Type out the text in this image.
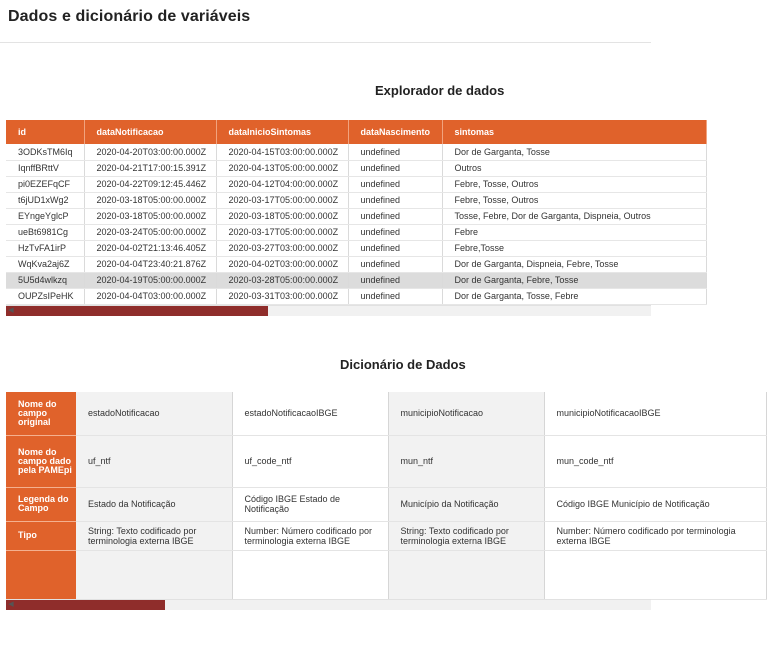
Dados e dicionário de variáveis
Explorador de dados
id	dataNotificacao	dataInicioSintomas	dataNascimento	sintomas
3ODKsTM6Iq	2020-04-20T03:00:00.000Z	2020-04-15T03:00:00.000Z	undefined	Dor de Garganta, Tosse
IqnffBRttV	2020-04-21T17:00:15.391Z	2020-04-13T05:00:00.000Z	undefined	Outros
pi0EZEFqCF	2020-04-22T09:12:45.446Z	2020-04-12T04:00:00.000Z	undefined	Febre, Tosse, Outros
t6jUD1xWg2	2020-03-18T05:00:00.000Z	2020-03-17T05:00:00.000Z	undefined	Febre, Tosse, Outros
EYngeYglcP	2020-03-18T05:00:00.000Z	2020-03-18T05:00:00.000Z	undefined	Tosse, Febre, Dor de Garganta, Dispneia, Outros
ueBt6981Cg	2020-03-24T05:00:00.000Z	2020-03-17T05:00:00.000Z	undefined	Febre
HzTvFA1irP	2020-04-02T21:13:46.405Z	2020-03-27T03:00:00.000Z	undefined	Febre,Tosse
WqKva2aj6Z	2020-04-04T23:40:21.876Z	2020-04-02T03:00:00.000Z	undefined	Dor de Garganta, Dispneia, Febre, Tosse
5U5d4wlkzq	2020-04-19T05:00:00.000Z	2020-03-28T05:00:00.000Z	undefined	Dor de Garganta, Febre, Tosse
OUPZsIPeHK	2020-04-04T03:00:00.000Z	2020-03-31T03:00:00.000Z	undefined	Dor de Garganta, Tosse, Febre
◀
Dicionário de Dados
Nome do campo original	estadoNotificacao	estadoNotificacaoIBGE	municipioNotificacao	municipioNotificacaoIBGE
Nome do campo dado pela PAMEpi	uf_ntf	uf_code_ntf	mun_ntf	mun_code_ntf
Legenda do Campo	Estado da Notificação	Código IBGE Estado de Notificação	Município da Notificação	Código IBGE Município de Notificação
Tipo	String: Texto codificado por terminologia externa IBGE	Number: Número codificado por terminologia externa IBGE	String: Texto codificado por terminologia externa IBGE	Number: Número codificado por terminologia externa IBGE

◀
